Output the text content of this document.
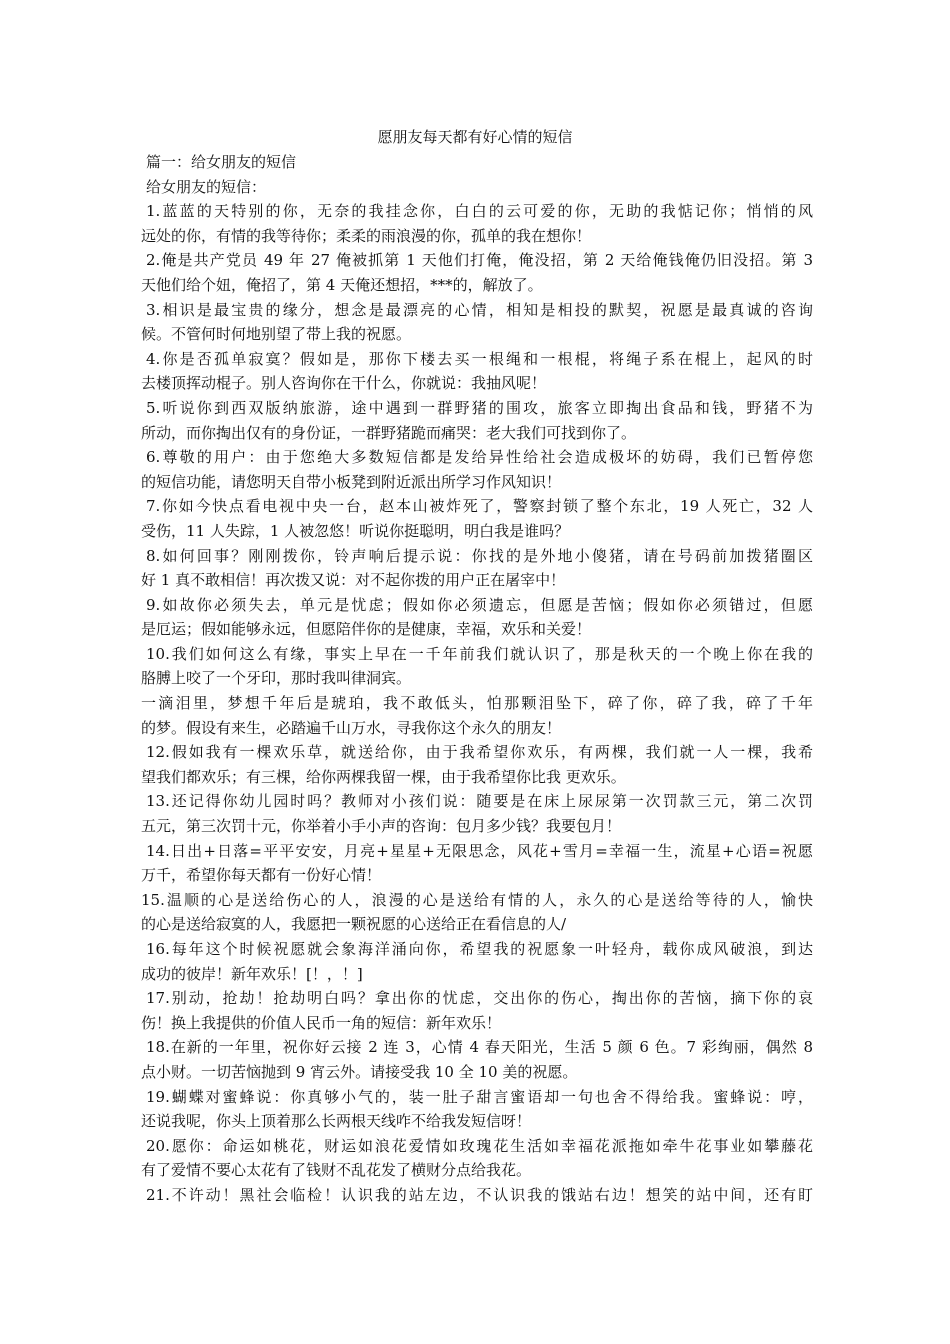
愿朋友每天都有好心情的短信
篇一：给女朋友的短信
给女朋友的短信：
1.蓝蓝的天特别的你，无奈的我挂念你，白白的云可爱的你，无助的我惦记你；悄悄的风
远处的你，有情的我等待你；柔柔的雨浪漫的你，孤单的我在想你！
2.俺是共产党员 49 年 27 俺被抓第 1 天他们打俺，俺没招，第 2 天给俺钱俺仍旧没招。第 3
天他们给个妞，俺招了，第 4 天俺还想招，***的，解放了。
3.相识是最宝贵的缘分，想念是最漂亮的心情，相知是相投的默契，祝愿是最真诚的咨询
候。不管何时何地别望了带上我的祝愿。
4.你是否孤单寂寞？假如是，那你下楼去买一根绳和一根棍，将绳子系在棍上，起风的时
去楼顶挥动棍子。别人咨询你在干什么，你就说：我抽风呢！
5.听说你到西双版纳旅游，途中遇到一群野猪的围攻，旅客立即掏出食品和钱，野猪不为
所动，而你掏出仅有的身份证，一群野猪跪而痛哭：老大我们可找到你了。
6.尊敬的用户：由于您绝大多数短信都是发给异性给社会造成极坏的妨碍，我们已暂停您
的短信功能，请您明天自带小板凳到附近派出所学习作风知识！
7.你如今快点看电视中央一台，赵本山被炸死了，警察封锁了整个东北，19 人死亡，32 人
受伤，11 人失踪，1 人被忽悠！听说你挺聪明，明白我是谁吗？
8.如何回事？刚刚拨你，铃声响后提示说：你找的是外地小傻猪，请在号码前加拨猪圈区
好 1 真不敢相信！再次拨又说：对不起你拨的用户正在屠宰中！
9.如故你必须失去，单元是忧虑；假如你必须遗忘，但愿是苦恼；假如你必须错过，但愿
是厄运；假如能够永远，但愿陪伴你的是健康，幸福，欢乐和关爱！
10.我们如何这么有缘，事实上早在一千年前我们就认识了，那是秋天的一个晚上你在我的
胳膊上咬了一个牙印，那时我叫律洞宾。
一滴泪里，梦想千年后是琥珀，我不敢低头，怕那颗泪坠下，碎了你，碎了我，碎了千年
的梦。假设有来生，必踏遍千山万水，寻我你这个永久的朋友！
12.假如我有一棵欢乐草，就送给你，由于我希望你欢乐，有两棵，我们就一人一棵，我希
望我们都欢乐；有三棵，给你两棵我留一棵，由于我希望你比我 更欢乐。
13.还记得你幼儿园时吗？教师对小孩们说：随要是在床上尿尿第一次罚款三元，第二次罚
五元，第三次罚十元，你举着小手小声的咨询：包月多少钱？我要包月！
14.日出+日落=平平安安，月亮+星星+无限思念，风花+雪月=幸福一生，流星+心语=祝愿
万千，希望你每天都有一份好心情！
15.温顺的心是送给伤心的人，浪漫的心是送给有情的人，永久的心是送给等待的人，愉快
的心是送给寂寞的人，我愿把一颗祝愿的心送给正在看信息的人/
16.每年这个时候祝愿就会象海洋涌向你，希望我的祝愿象一叶轻舟，载你成风破浪，到达
成功的彼岸！新年欢乐！[！，！]
17.别动，抢劫！抢劫明白吗？拿出你的忧虑，交出你的伤心，掏出你的苦恼，摘下你的哀
伤！换上我提供的价值人民币一角的短信：新年欢乐！
18.在新的一年里，祝你好云接 2 连 3，心情 4 春天阳光，生活 5 颜 6 色。7 彩绚丽，偶然 8
点小财。一切苦恼抛到 9 宵云外。请接受我 10 全 10 美的祝愿。
19.蝴蝶对蜜蜂说：你真够小气的，装一肚子甜言蜜语却一句也舍不得给我。蜜蜂说：哼，
还说我呢，你头上顶着那么长两根天线咋不给我发短信呀！
20.愿你：命运如桃花，财运如浪花爱情如玫瑰花生活如幸福花派拖如牵牛花事业如攀藤花
有了爱情不要心太花有了钱财不乱花发了横财分点给我花。
21.不许动！黑社会临检！认识我的站左边，不认识我的饿站右边！想笑的站中间，还有盯
